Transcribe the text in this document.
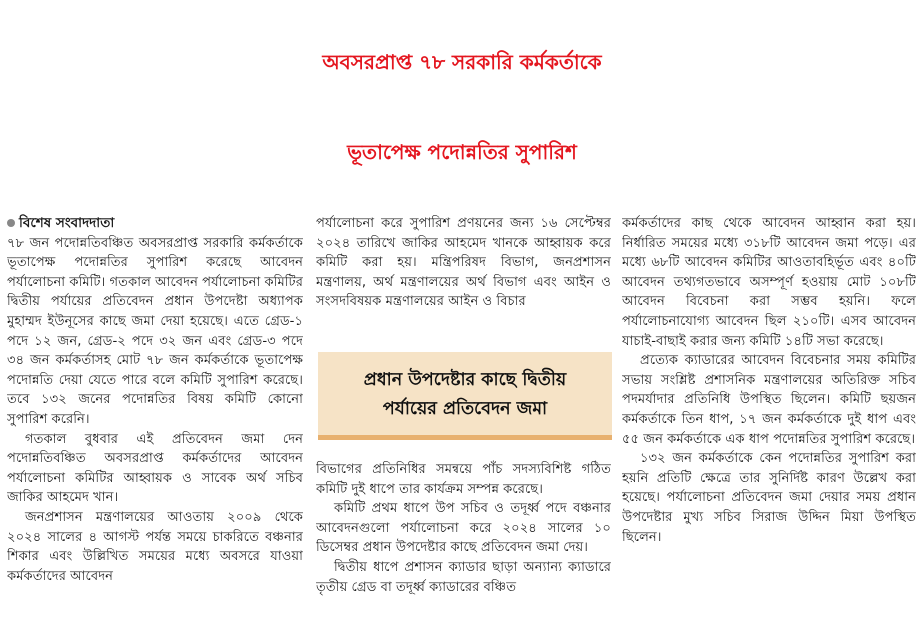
অবসরপ্রাপ্ত ৭৮ সরকারি কর্মকর্তাকে
ভূতাপেক্ষ পদোন্নতির সুপারিশ

বিশেষ সংবাদদাতা

৭৮ জন পদোন্নতিবঞ্চিত অবসরপ্রাপ্ত সরকারি কর্মকর্তাকে ভূতাপেক্ষ পদোন্নতির সুপারিশ করেছে আবেদন পর্যালোচনা কমিটি। গতকাল আবেদন পর্যালোচনা কমিটির দ্বিতীয় পর্যায়ের প্রতিবেদন প্রধান উপদেষ্টা অধ্যাপক মুহাম্মদ ইউনূসের কাছে জমা দেয়া হয়েছে। এতে গ্রেড-১ পদে ১২ জন, গ্রেড-২ পদে ৩২ জন এবং গ্রেড-৩ পদে ৩৪ জন কর্মকর্তাসহ মোট ৭৮ জন কর্মকর্তাকে ভূতাপেক্ষ পদোন্নতি দেয়া যেতে পারে বলে কমিটি সুপারিশ করেছে। তবে ১৩২ জনের পদোন্নতির বিষয় কমিটি কোনো সুপারিশ করেনি।

গতকাল বুধবার এই প্রতিবেদন জমা দেন পদোন্নতিবঞ্চিত অবসরপ্রাপ্ত কর্মকর্তাদের আবেদন পর্যালোচনা কমিটির আহ্বায়ক ও সাবেক অর্থ সচিব জাকির আহমেদ খান।

জনপ্রশাসন মন্ত্রণালয়ের আওতায় ২০০৯ থেকে ২০২৪ সালের ৪ আগস্ট পর্যন্ত সময়ে চাকরিতে বঞ্চনার শিকার এবং উল্লিখিত সময়ের মধ্যে অবসরে যাওয়া কর্মকর্তাদের আবেদন

পর্যালোচনা করে সুপারিশ প্রণয়নের জন্য ১৬ সেপ্টেম্বর ২০২৪ তারিখে জাকির আহমেদ খানকে আহ্বায়ক করে কমিটি করা হয়। মন্ত্রিপরিষদ বিভাগ, জনপ্রশাসন মন্ত্রণালয়, অর্থ মন্ত্রণালয়ের অর্থ বিভাগ এবং আইন ও সংসদবিষয়ক মন্ত্রণালয়ের আইন ও বিচার

প্রধান উপদেষ্টার কাছে দ্বিতীয়
পর্যায়ের প্রতিবেদন জমা

বিভাগের প্রতিনিধির সমন্বয়ে পাঁচ সদস্যবিশিষ্ট গঠিত কমিটি দুই ধাপে তার কার্যক্রম সম্পন্ন করেছে।

কমিটি প্রথম ধাপে উপ সচিব ও তদূর্ধ্ব পদে বঞ্চনার আবেদনগুলো পর্যালোচনা করে ২০২৪ সালের ১০ ডিসেম্বর প্রধান উপদেষ্টার কাছে প্রতিবেদন জমা দেয়।

দ্বিতীয় ধাপে প্রশাসন ক্যাডার ছাড়া অন্যান্য ক্যাডারে তৃতীয় গ্রেড বা তদূর্ধ্ব ক্যাডারের বঞ্চিত

কর্মকর্তাদের কাছ থেকে আবেদন আহ্বান করা হয়। নির্ধারিত সময়ের মধ্যে ৩১৮টি আবেদন জমা পড়ে। এর মধ্যে ৬৮টি আবেদন কমিটির আওতাবহির্ভূত এবং ৪০টি আবেদন তথ্যগতভাবে অসম্পূর্ণ হওয়ায় মোট ১০৮টি আবেদন বিবেচনা করা সম্ভব হয়নি। ফলে পর্যালোচনাযোগ্য আবেদন ছিল ২১০টি। এসব আবেদন যাচাই-বাছাই করার জন্য কমিটি ১৪টি সভা করেছে।

প্রত্যেক ক্যাডারের আবেদন বিবেচনার সময় কমিটির সভায় সংশ্লিষ্ট প্রশাসনিক মন্ত্রণালয়ের অতিরিক্ত সচিব পদমর্যাদার প্রতিনিধি উপস্থিত ছিলেন। কমিটি ছয়জন কর্মকর্তাকে তিন ধাপ, ১৭ জন কর্মকর্তাকে দুই ধাপ এবং ৫৫ জন কর্মকর্তাকে এক ধাপ পদোন্নতির সুপারিশ করেছে।

১৩২ জন কর্মকর্তাকে কেন পদোন্নতির সুপারিশ করা হয়নি প্রতিটি ক্ষেত্রে তার সুনির্দিষ্ট কারণ উল্লেখ করা হয়েছে। পর্যালোচনা প্রতিবেদন জমা দেয়ার সময় প্রধান উপদেষ্টার মুখ্য সচিব সিরাজ উদ্দিন মিয়া উপস্থিত ছিলেন।
